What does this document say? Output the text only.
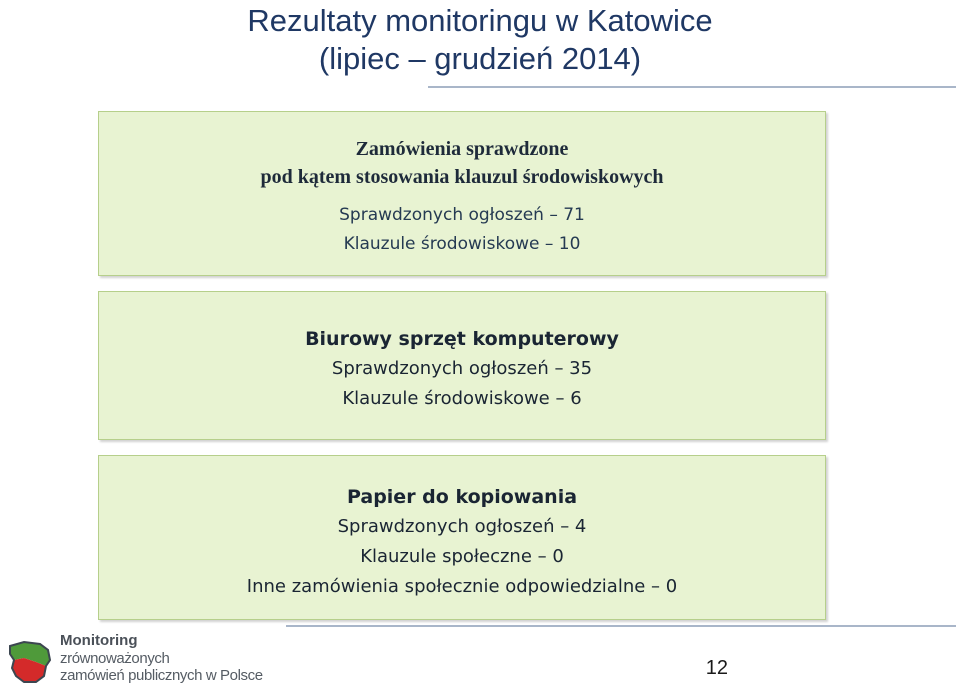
Rezultaty monitoringu w Katowice
(lipiec – grudzień 2014)
Zamówienia sprawdzone
pod kątem stosowania klauzul środowiskowych
Sprawdzonych ogłoszeń – 71
Klauzule środowiskowe – 10
Biurowy sprzęt komputerowy
Sprawdzonych ogłoszeń – 35
Klauzule środowiskowe – 6
Papier do kopiowania
Sprawdzonych ogłoszeń – 4
Klauzule społeczne – 0
Inne zamówienia społecznie odpowiedzialne – 0
Monitoring
zrównoważonych
zamówień publicznych w Polsce	12
